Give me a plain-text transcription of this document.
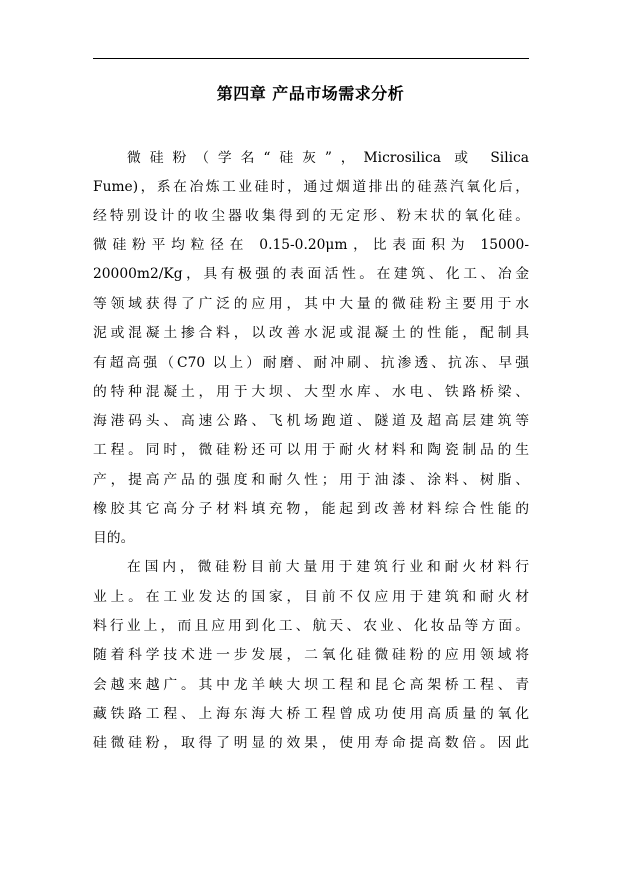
第四章 产品市场需求分析
微硅粉（学名“硅灰”，Microsilica 或 Silica
Fume)，系在冶炼工业硅时，通过烟道排出的硅蒸汽氧化后，
经特别设计的收尘器收集得到的无定形、粉末状的氧化硅。
微硅粉平均粒径在 0.15-0.20μm，比表面积为 15000-
20000m2/Kg，具有极强的表面活性。在建筑、化工、冶金
等领域获得了广泛的应用，其中大量的微硅粉主要用于水
泥或混凝土掺合料，以改善水泥或混凝土的性能，配制具
有超高强（C70 以上）耐磨、耐冲刷、抗渗透、抗冻、早强
的特种混凝土，用于大坝、大型水库、水电、铁路桥梁、
海港码头、高速公路、飞机场跑道、隧道及超高层建筑等
工程。同时，微硅粉还可以用于耐火材料和陶瓷制品的生
产，提高产品的强度和耐久性；用于油漆、涂料、树脂、
橡胶其它高分子材料填充物，能起到改善材料综合性能的
目的。
在国内，微硅粉目前大量用于建筑行业和耐火材料行
业上。在工业发达的国家，目前不仅应用于建筑和耐火材
料行业上，而且应用到化工、航天、农业、化妆品等方面。
随着科学技术进一步发展，二氧化硅微硅粉的应用领域将
会越来越广。其中龙羊峡大坝工程和昆仑高架桥工程、青
藏铁路工程、上海东海大桥工程曾成功使用高质量的氧化
硅微硅粉，取得了明显的效果，使用寿命提高数倍。因此
